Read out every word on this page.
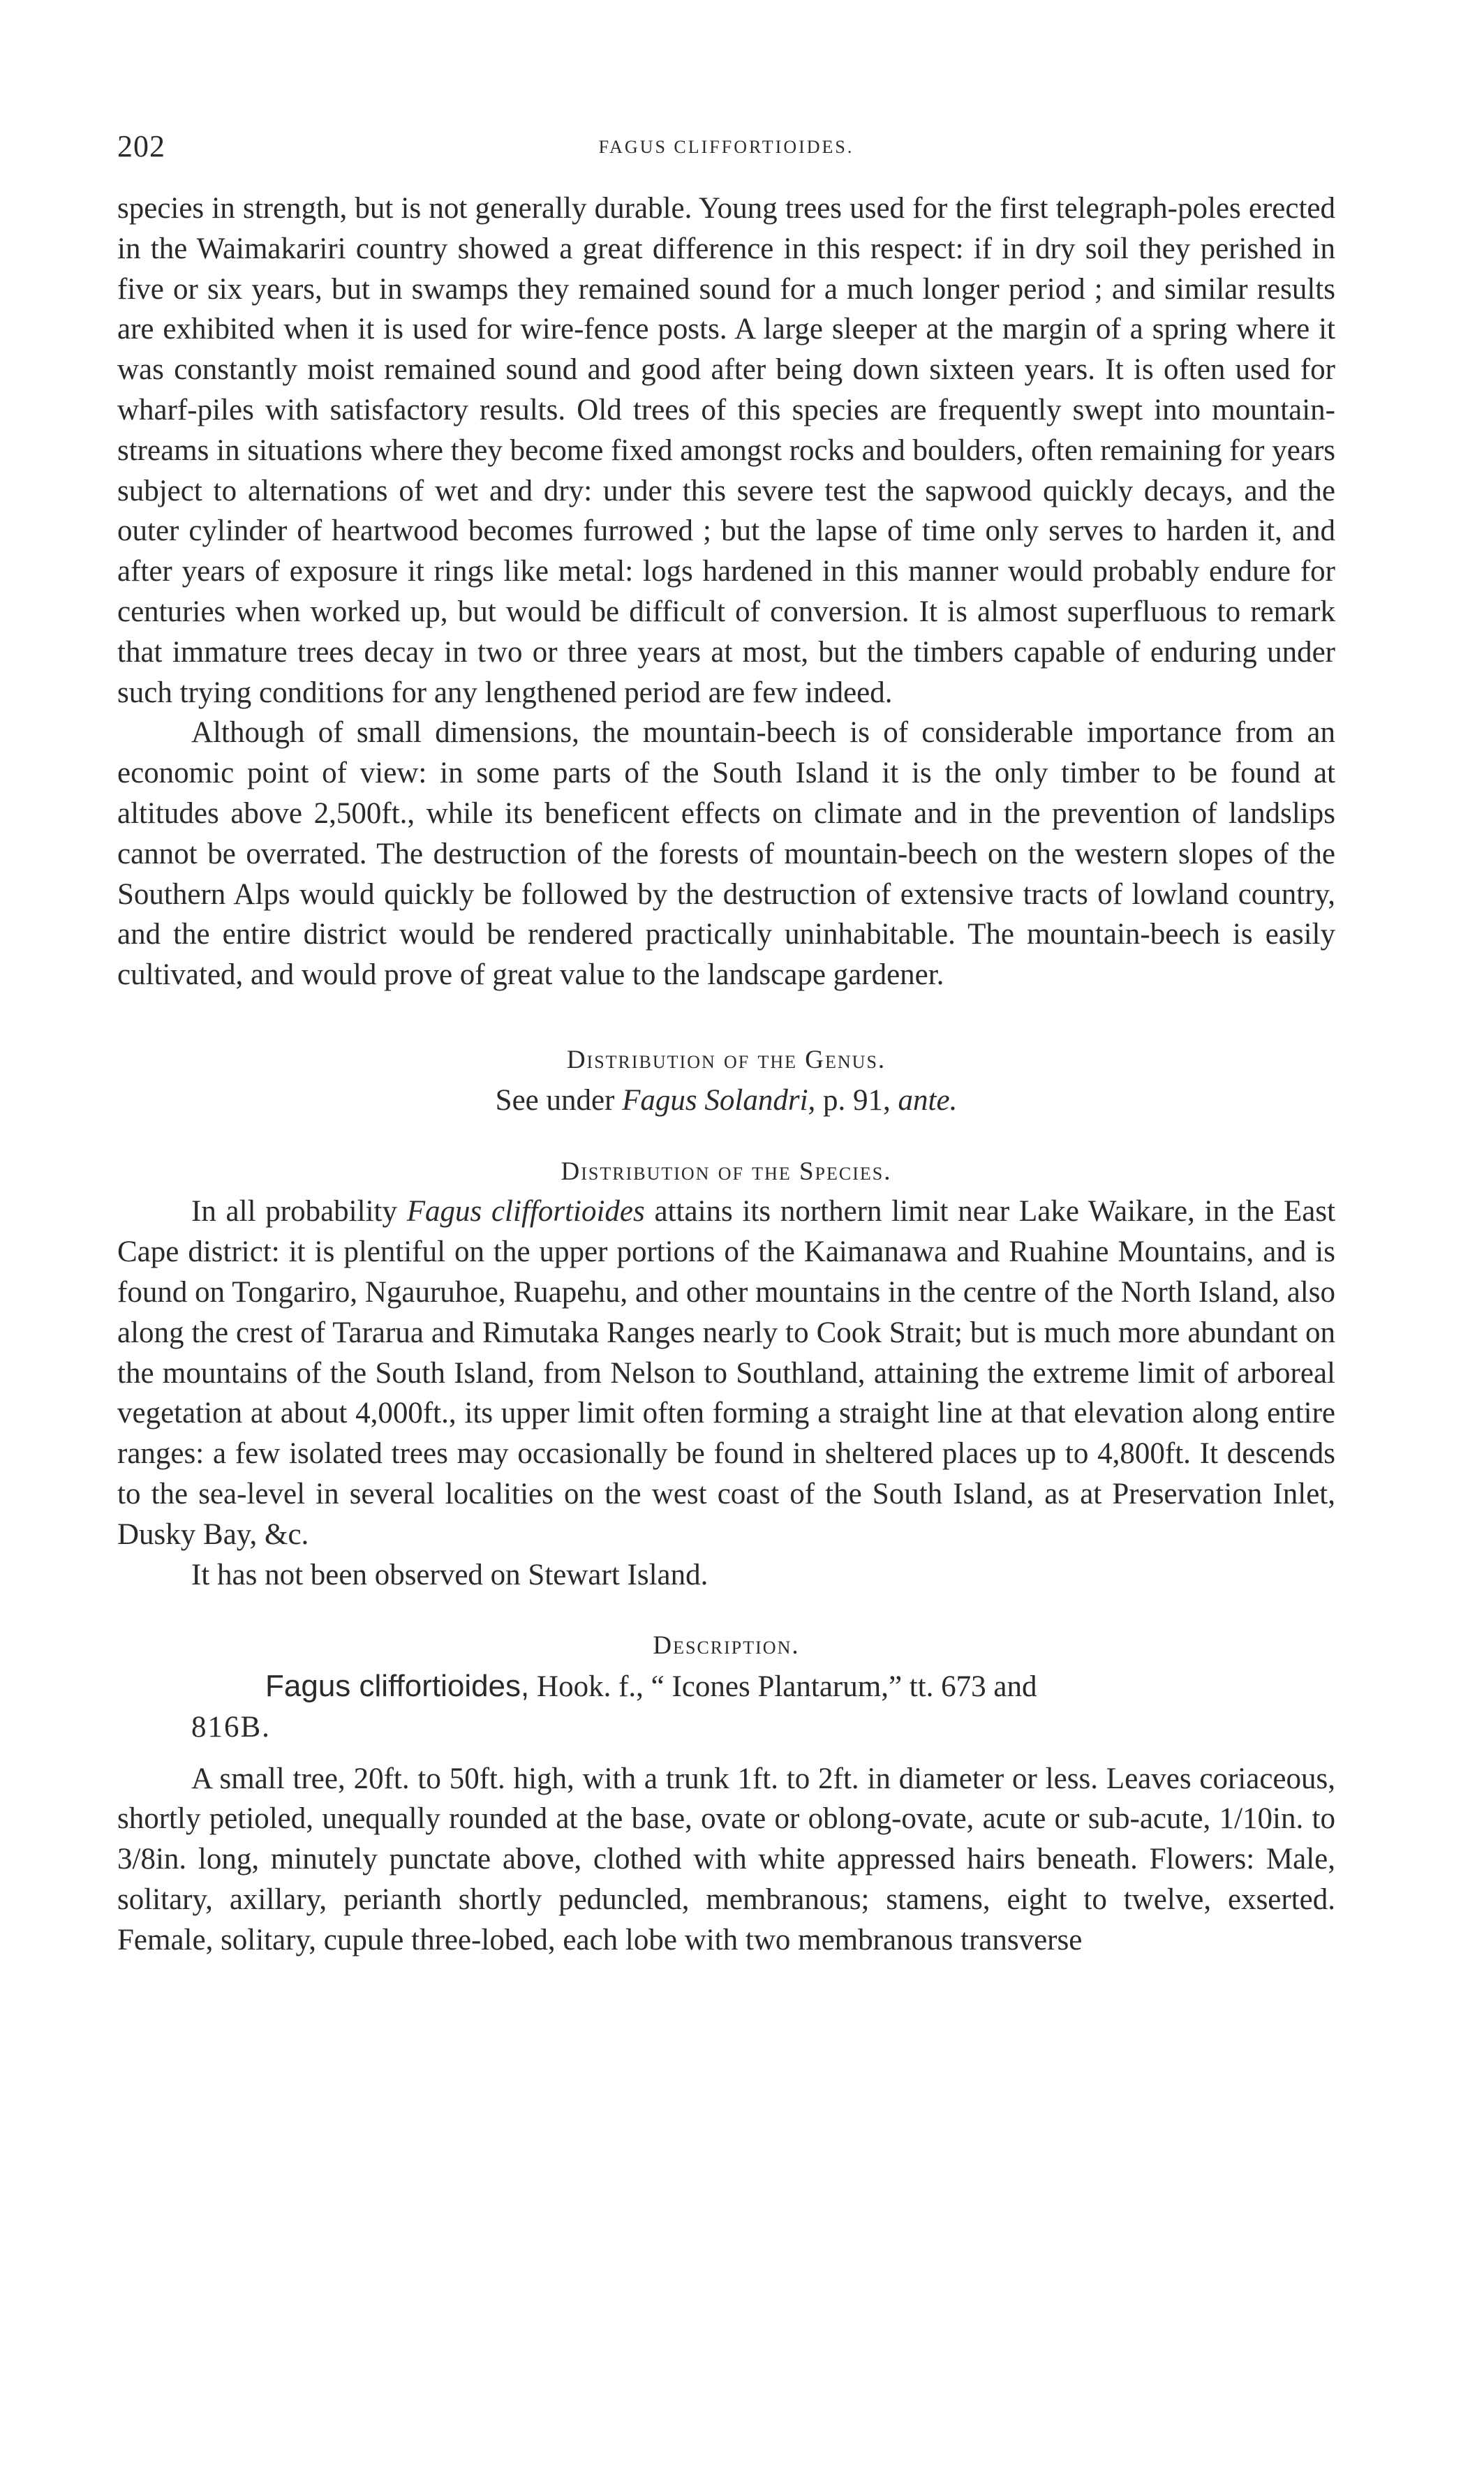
202	FAGUS CLIFFORTIOIDES.

species in strength, but is not generally durable. Young trees used for the first telegraph-poles erected in the Waimakariri country showed a great difference in this respect: if in dry soil they perished in five or six years, but in swamps they remained sound for a much longer period ; and similar results are exhibited when it is used for wire-fence posts. A large sleeper at the margin of a spring where it was constantly moist remained sound and good after being down sixteen years. It is often used for wharf-piles with satisfactory results. Old trees of this species are frequently swept into mountain-streams in situations where they become fixed amongst rocks and boulders, often remaining for years subject to alternations of wet and dry: under this severe test the sapwood quickly decays, and the outer cylinder of heartwood becomes furrowed ; but the lapse of time only serves to harden it, and after years of exposure it rings like metal: logs hardened in this manner would probably endure for centuries when worked up, but would be difficult of conversion. It is almost superfluous to remark that immature trees decay in two or three years at most, but the timbers capable of enduring under such trying conditions for any lengthened period are few indeed.

Although of small dimensions, the mountain-beech is of considerable importance from an economic point of view: in some parts of the South Island it is the only timber to be found at altitudes above 2,500ft., while its beneficent effects on climate and in the prevention of landslips cannot be overrated. The destruction of the forests of mountain-beech on the western slopes of the Southern Alps would quickly be followed by the destruction of extensive tracts of lowland country, and the entire district would be rendered practically uninhabitable. The mountain-beech is easily cultivated, and would prove of great value to the landscape gardener.

Distribution of the Genus.

See under Fagus Solandri, p. 91, ante.

Distribution of the Species.

In all probability Fagus cliffortioides attains its northern limit near Lake Waikare, in the East Cape district: it is plentiful on the upper portions of the Kaimanawa and Ruahine Mountains, and is found on Tongariro, Ngauruhoe, Ruapehu, and other mountains in the centre of the North Island, also along the crest of Tararua and Rimutaka Ranges nearly to Cook Strait; but is much more abundant on the mountains of the South Island, from Nelson to Southland, attaining the extreme limit of arboreal vegetation at about 4,000ft., its upper limit often forming a straight line at that elevation along entire ranges: a few isolated trees may occasionally be found in sheltered places up to 4,800ft. It descends to the sea-level in several localities on the west coast of the South Island, as at Preservation Inlet, Dusky Bay, &c.

It has not been observed on Stewart Island.

Description.

Fagus cliffortioides, Hook. f., “ Icones Plantarum,” tt. 673 and

816B.

A small tree, 20ft. to 50ft. high, with a trunk 1ft. to 2ft. in diameter or less. Leaves coriaceous, shortly petioled, unequally rounded at the base, ovate or oblong-ovate, acute or sub-acute, 1/10in. to 3/8in. long, minutely punctate above, clothed with white appressed hairs beneath. Flowers: Male, solitary, axillary, perianth shortly peduncled, membranous; stamens, eight to twelve, exserted. Female, solitary, cupule three-lobed, each lobe with two membranous transverse
